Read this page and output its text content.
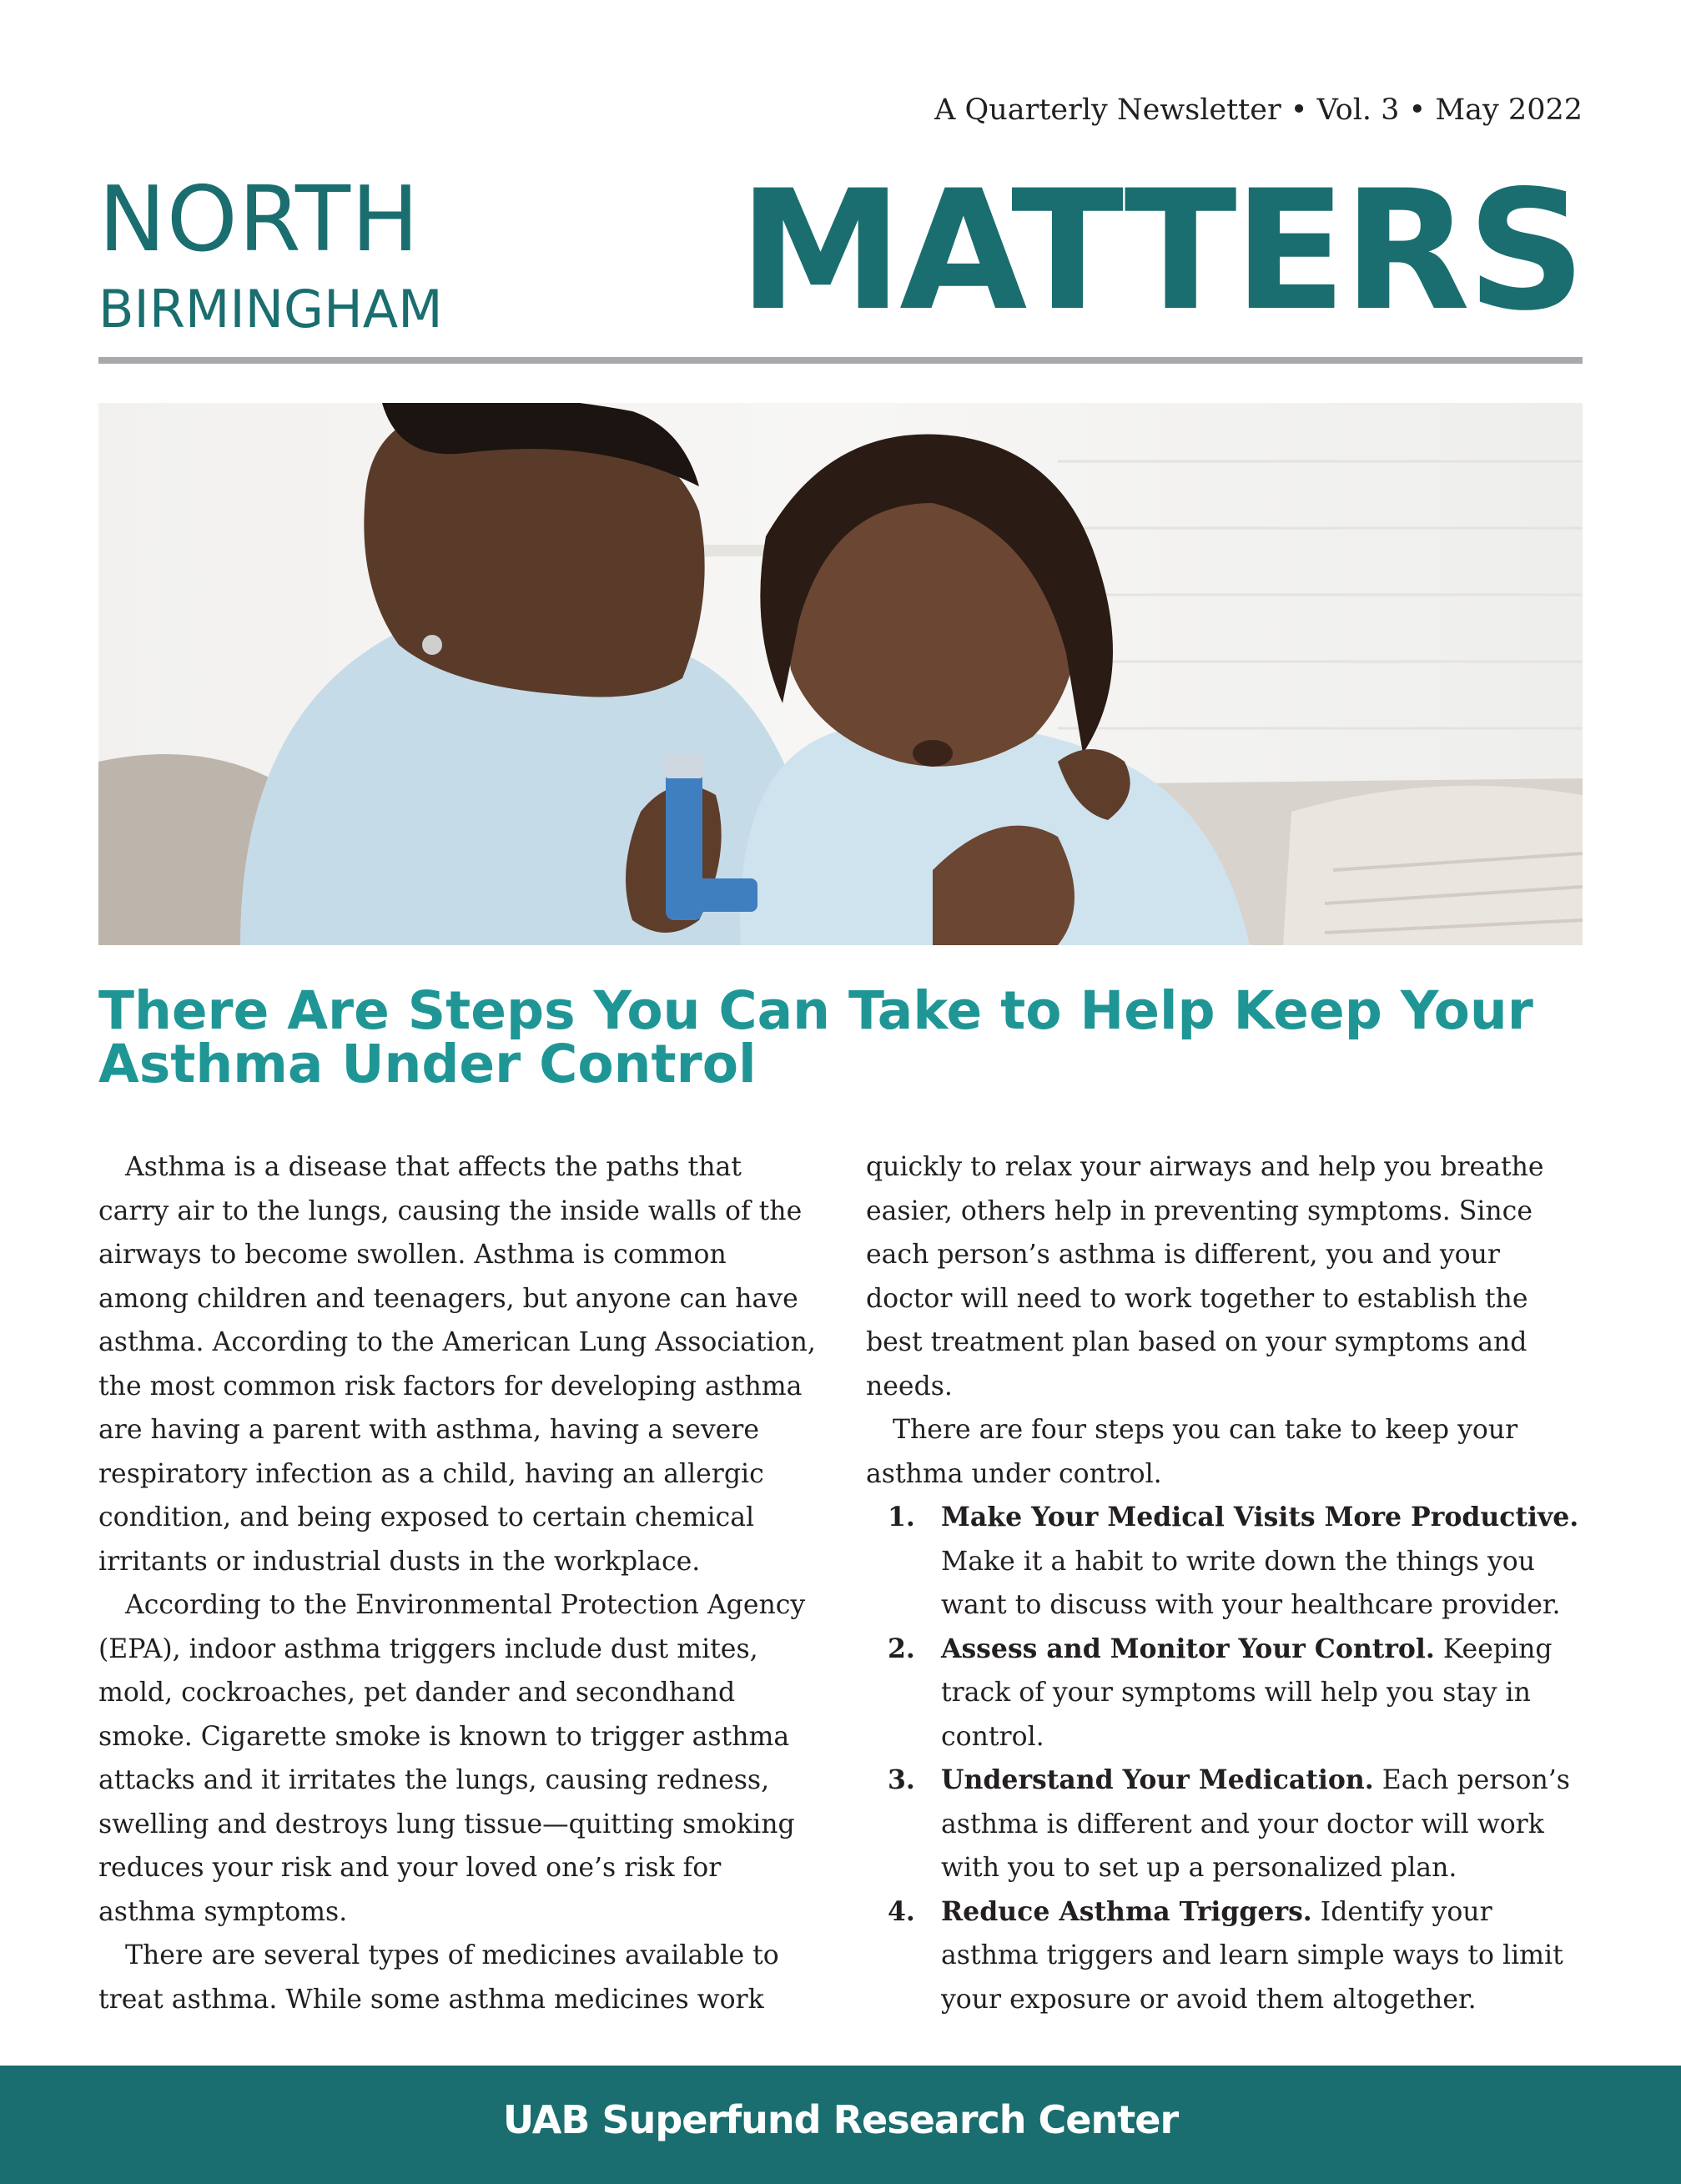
A Quarterly Newsletter • Vol. 3 • May 2022
NORTH
BIRMINGHAM MATTERS
There Are Steps You Can Take to Help Keep Your Asthma Under Control

Asthma is a disease that affects the paths that carry air to the lungs, causing the inside walls of the airways to become swollen. Asthma is common among children and teenagers, but anyone can have asthma. According to the American Lung Association, the most common risk factors for developing asthma are having a parent with asthma, having a severe respiratory infection as a child, having an allergic condition, and being exposed to certain chemical irritants or industrial dusts in the workplace.

According to the Environmental Protection Agency (EPA), indoor asthma triggers include dust mites, mold, cockroaches, pet dander and secondhand smoke. Cigarette smoke is known to trigger asthma attacks and it irritates the lungs, causing redness, swelling and destroys lung tissue—quitting smoking reduces your risk and your loved one’s risk for asthma symptoms.

There are several types of medicines available to treat asthma. While some asthma medicines work

quickly to relax your airways and help you breathe easier, others help in preventing symptoms. Since each person’s asthma is different, you and your doctor will need to work together to establish the best treatment plan based on your symptoms and needs.

There are four steps you can take to keep your asthma under control.

1. Make Your Medical Visits More Productive. Make it a habit to write down the things you want to discuss with your healthcare provider.
2. Assess and Monitor Your Control. Keeping track of your symptoms will help you stay in control.
3. Understand Your Medication. Each person’s asthma is different and your doctor will work with you to set up a personalized plan.
4. Reduce Asthma Triggers. Identify your asthma triggers and learn simple ways to limit your exposure or avoid them altogether.
UAB Superfund Research Center
